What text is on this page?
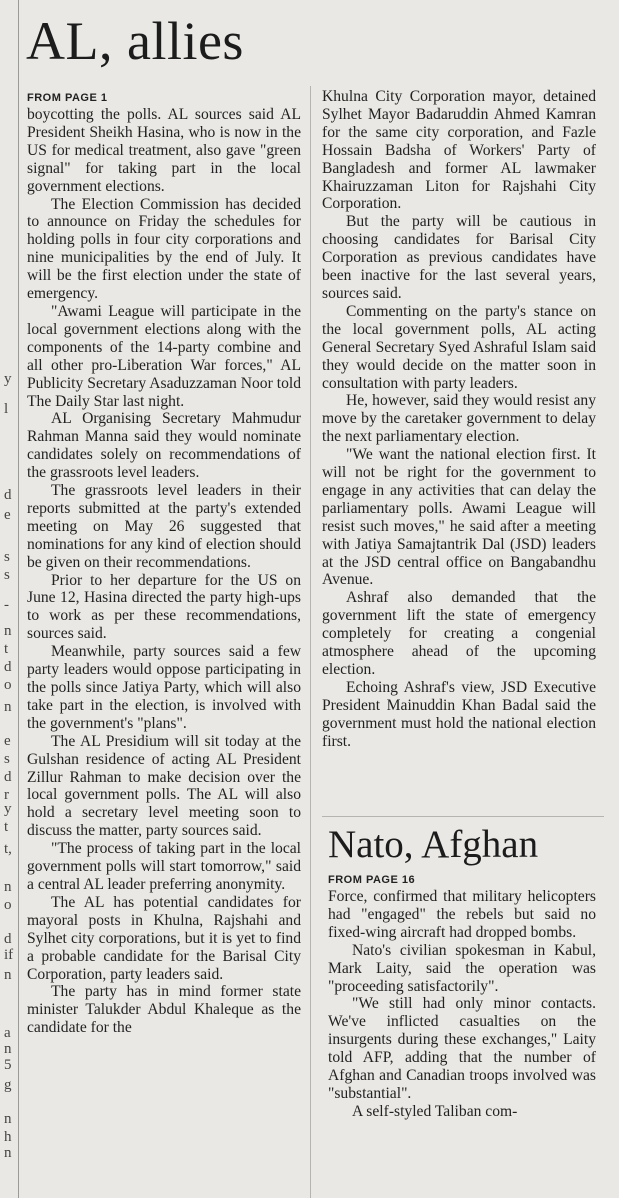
y
l
d
e
s
s
-
n
t
d
o
n
e
s
d
r
y
t
t,
n
o
d
if
n
a
n
5
g
n
h
n
AL, allies
FROM PAGE 1

boycotting the polls. AL sources said AL President Sheikh Hasina, who is now in the US for medical treatment, also gave "green signal" for taking part in the local government elections.

The Election Commission has decided to announce on Friday the schedules for holding polls in four city corporations and nine municipalities by the end of July. It will be the first election under the state of emergency.

"Awami League will participate in the local government elections along with the components of the 14-party combine and all other pro-Liberation War forces," AL Publicity Secretary Asaduzzaman Noor told The Daily Star last night.

AL Organising Secretary Mahmudur Rahman Manna said they would nominate candidates solely on recommendations of the grassroots level leaders.

The grassroots level leaders in their reports submitted at the party's extended meeting on May 26 suggested that nominations for any kind of election should be given on their recommendations.

Prior to her departure for the US on June 12, Hasina directed the party high-ups to work as per these recommendations, sources said.

Meanwhile, party sources said a few party leaders would oppose participating in the polls since Jatiya Party, which will also take part in the election, is involved with the government's "plans".

The AL Presidium will sit today at the Gulshan residence of acting AL President Zillur Rahman to make decision over the local government polls. The AL will also hold a secretary level meeting soon to discuss the matter, party sources said.

"The process of taking part in the local government polls will start tomorrow," said a central AL leader preferring anonymity.

The AL has potential candidates for mayoral posts in Khulna, Rajshahi and Sylhet city corporations, but it is yet to find a probable candidate for the Barisal City Corporation, party leaders said.

The party has in mind former state minister Talukder Abdul Khaleque as the candidate for the

Khulna City Corporation mayor, detained Sylhet Mayor Badaruddin Ahmed Kamran for the same city corporation, and Fazle Hossain Badsha of Workers' Party of Bangladesh and former AL lawmaker Khairuzzaman Liton for Rajshahi City Corporation.

But the party will be cautious in choosing candidates for Barisal City Corporation as previous candidates have been inactive for the last several years, sources said.

Commenting on the party's stance on the local government polls, AL acting General Secretary Syed Ashraful Islam said they would decide on the matter soon in consultation with party leaders.

He, however, said they would resist any move by the caretaker government to delay the next parliamentary election.

"We want the national election first. It will not be right for the government to engage in any activities that can delay the parliamentary polls. Awami League will resist such moves," he said after a meeting with Jatiya Samajtantrik Dal (JSD) leaders at the JSD central office on Bangabandhu Avenue.

Ashraf also demanded that the government lift the state of emergency completely for creating a congenial atmosphere ahead of the upcoming election.

Echoing Ashraf's view, JSD Executive President Mainuddin Khan Badal said the government must hold the national election first.

Nato, Afghan
FROM PAGE 16

Force, confirmed that military helicopters had "engaged" the rebels but said no fixed-wing aircraft had dropped bombs.

Nato's civilian spokesman in Kabul, Mark Laity, said the operation was "proceeding satisfactorily".

"We still had only minor contacts. We've inflicted casualties on the insurgents during these exchanges," Laity told AFP, adding that the number of Afghan and Canadian troops involved was "substantial".

A self-styled Taliban com-
